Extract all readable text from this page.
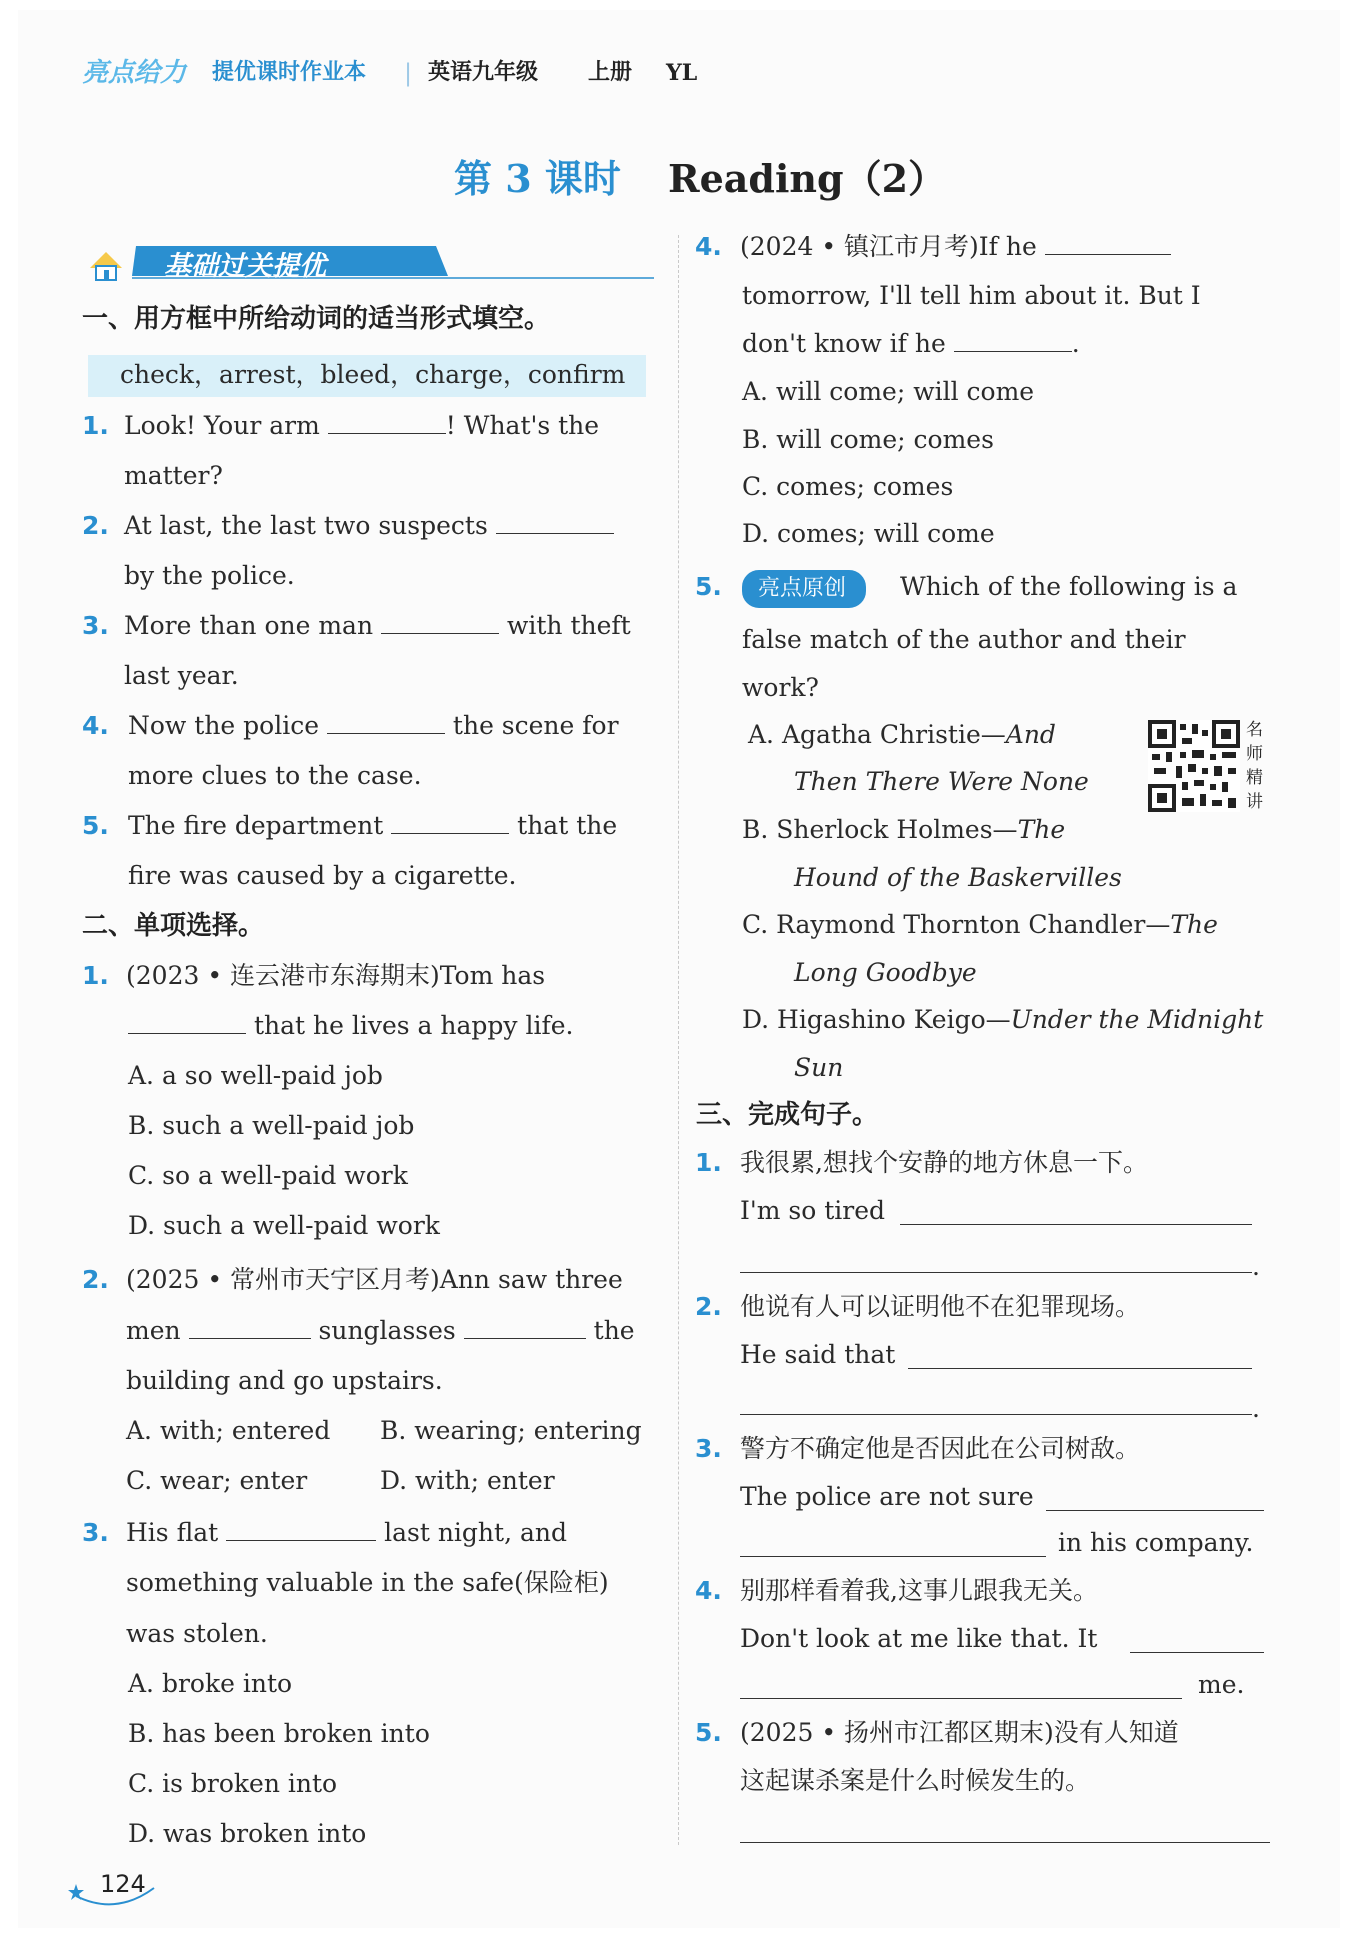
亮点给力 提优课时作业本 | 英语九年级 上册 YL
第 3 课时 Reading（2）
基础过关提优
一、用方框中所给动词的适当形式填空。
check，arrest，bleed，charge，confirm
1. Look! Your arm	! What's the
matter?
2. At last, the last two suspects
by the police.
3. More than one man	with theft
last year.
4. Now the police	the scene for
more clues to the case.
5. The fire department	that the
fire was caused by a cigarette.
二、单项选择。
1. (2023 • 连云港市东海期末)Tom has
that he lives a happy life.
A. a so well-paid job
B. such a well-paid job
C. so a well-paid work
D. such a well-paid work
2. (2025 • 常州市天宁区月考)Ann saw three
men	sunglasses	the
building and go upstairs.
A. with; entered B. wearing; entering
C. wear; enter	D. with; enter
3. His flat	last night, and
something valuable in the safe(保险柜)
was stolen.
A. broke into
B. has been broken into
C. is broken into
D. was broken into
4. (2024 • 镇江市月考)If he
tomorrow, I'll tell him about it. But I
don't know if he	.
A. will come; will come
B. will come; comes
C. comes; comes
D. comes; will come
5. 亮点原创 Which of the following is a
false match of the author and their
work?
A. Agatha Christie—And
Then There Were None
B. Sherlock Holmes—The
Hound of the Baskervilles
C. Raymond Thornton Chandler—The
Long Goodbye
D. Higashino Keigo—Under the Midnight
Sun
名师精讲
三、完成句子。
1. 我很累,想找个安静的地方休息一下。
I'm so tired
.
2. 他说有人可以证明他不在犯罪现场。
He said that
.
3. 警方不确定他是否因此在公司树敌。
The police are not sure
in his company.
4. 别那样看着我,这事儿跟我无关。
Don't look at me like that. It
me.
5. (2025 • 扬州市江都区期末)没有人知道
这起谋杀案是什么时候发生的。
124
